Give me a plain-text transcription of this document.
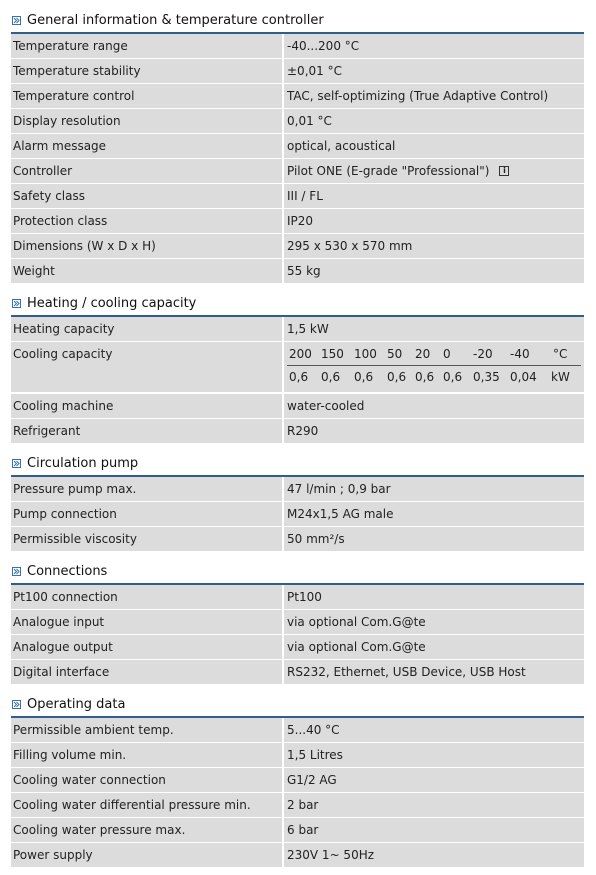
General information & temperature controller
Temperature range	-40...200 °C
Temperature stability	±0,01 °C
Temperature control	TAC, self-optimizing (True Adaptive Control)
Display resolution	0,01 °C
Alarm message	optical, acoustical
Controller	Pilot ONE (E-grade "Professional")	i
Safety class	III / FL
Protection class	IP20
Dimensions (W x D x H)	295 x 530 x 570 mm
Weight	55 kg
Heating / cooling capacity
Heating capacity	1,5 kW
Cooling capacity	200 150 100 50 20 0 -20 -40 °C
0,6 0,6 0,6 0,6 0,6 0,6 0,35 0,04 kW
Cooling machine	water-cooled
Refrigerant	R290
Circulation pump
Pressure pump max.	47 l/min ; 0,9 bar
Pump connection	M24x1,5 AG male
Permissible viscosity	50 mm²/s
Connections
Pt100 connection	Pt100
Analogue input	via optional Com.G@te
Analogue output	via optional Com.G@te
Digital interface	RS232, Ethernet, USB Device, USB Host
Operating data
Permissible ambient temp.	5...40 °C
Filling volume min.	1,5 Litres
Cooling water connection	G1/2 AG
Cooling water differential pressure min.	2 bar
Cooling water pressure max.	6 bar
Power supply	230V 1~ 50Hz
